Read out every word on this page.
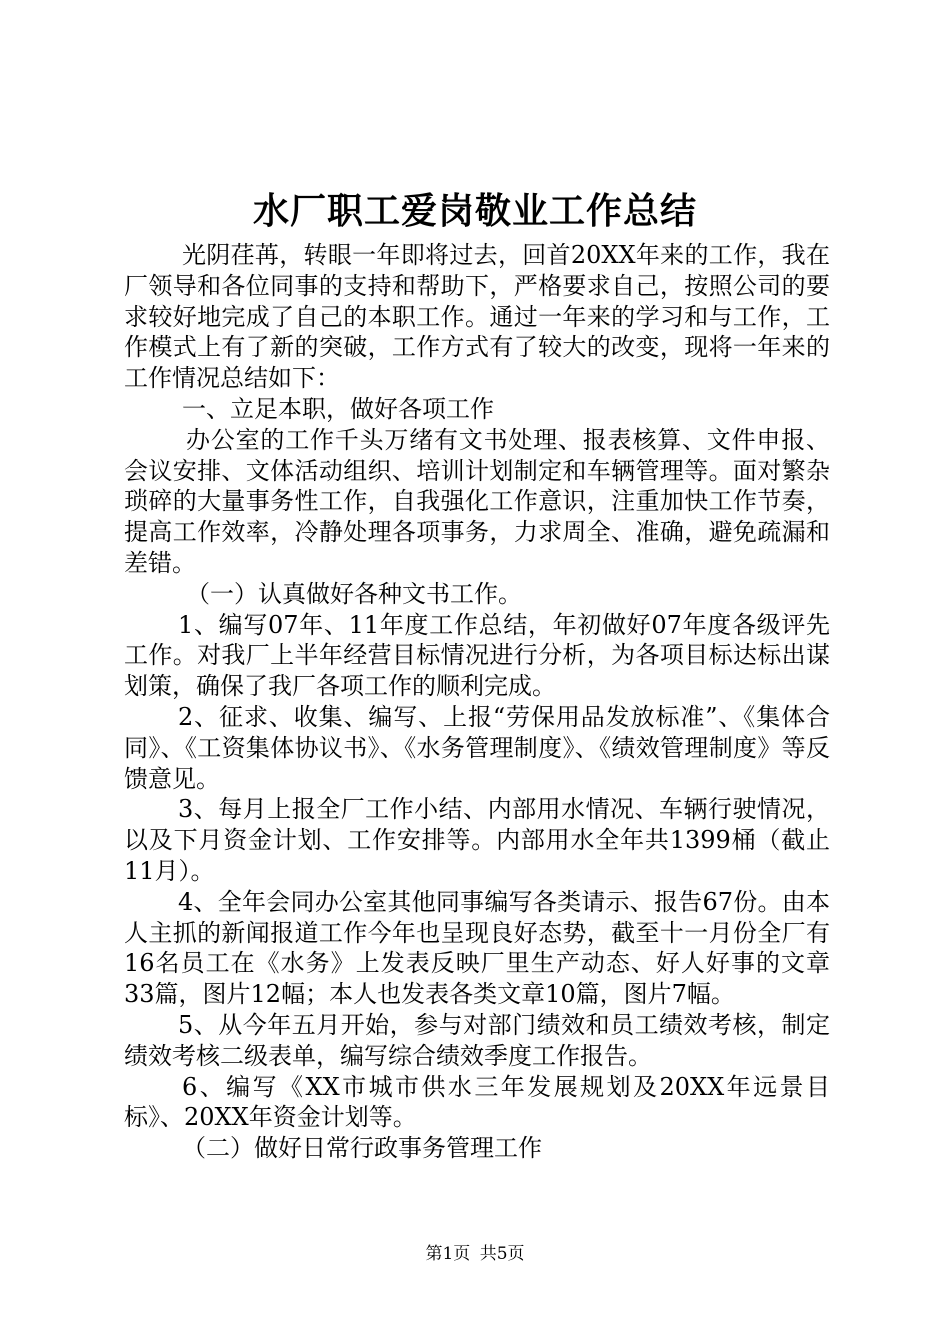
水厂职工爱岗敬业工作总结

光阴荏苒，转眼一年即将过去，回首20XX年来的工作，我在厂领导和各位同事的支持和帮助下，严格要求自己，按照公司的要求较好地完成了自己的本职工作。通过一年来的学习和与工作，工作模式上有了新的突破，工作方式有了较大的改变，现将一年来的工作情况总结如下：

一、立足本职，做好各项工作

办公室的工作千头万绪有文书处理、报表核算、文件申报、会议安排、文体活动组织、培训计划制定和车辆管理等。面对繁杂琐碎的大量事务性工作，自我强化工作意识，注重加快工作节奏，提高工作效率，冷静处理各项事务，力求周全、准确，避免疏漏和差错。

（一）认真做好各种文书工作。

1、编写07年、11年度工作总结，年初做好07年度各级评先工作。对我厂上半年经营目标情况进行分析，为各项目标达标出谋划策，确保了我厂各项工作的顺利完成。

2、征求、收集、编写、上报“劳保用品发放标准”、《集体合同》、《工资集体协议书》、《水务管理制度》、《绩效管理制度》等反馈意见。

3、每月上报全厂工作小结、内部用水情况、车辆行驶情况，以及下月资金计划、工作安排等。内部用水全年共1399桶（截止11月）。

4、全年会同办公室其他同事编写各类请示、报告67份。由本人主抓的新闻报道工作今年也呈现良好态势，截至十一月份全厂有16名员工在《水务》上发表反映厂里生产动态、好人好事的文章33篇，图片12幅；本人也发表各类文章10篇，图片7幅。

5、从今年五月开始，参与对部门绩效和员工绩效考核，制定绩效考核二级表单，编写综合绩效季度工作报告。

6、编写《XX市城市供水三年发展规划及20XX年远景目标》、20XX年资金计划等。

（二）做好日常行政事务管理工作

第1页 共5页
